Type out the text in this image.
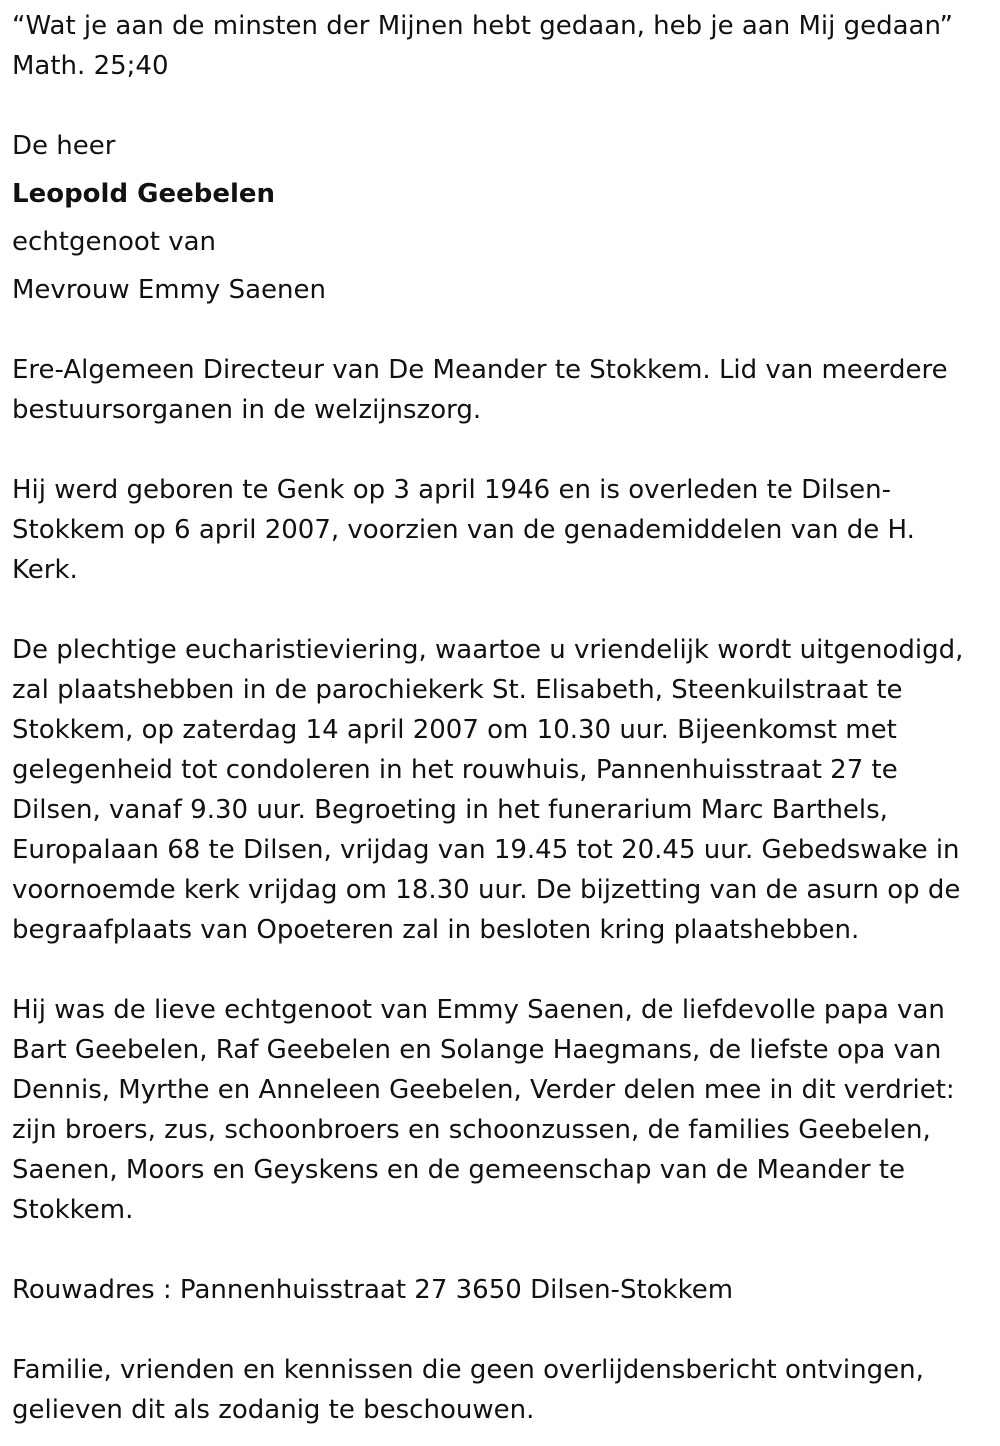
“Wat je aan de minsten der Mijnen hebt gedaan, heb je aan Mij gedaan”
Math. 25;40

De heer

Leopold Geebelen

echtgenoot van

Mevrouw Emmy Saenen

Ere-Algemeen Directeur van De Meander te Stokkem. Lid van meerdere
bestuursorganen in de welzijnszorg.

Hij werd geboren te Genk op 3 april 1946 en is overleden te Dilsen-
Stokkem op 6 april 2007, voorzien van de genademiddelen van de H.
Kerk.

De plechtige eucharistieviering, waartoe u vriendelijk wordt uitgenodigd,
zal plaatshebben in de parochiekerk St. Elisabeth, Steenkuilstraat te
Stokkem, op zaterdag 14 april 2007 om 10.30 uur. Bijeenkomst met
gelegenheid tot condoleren in het rouwhuis, Pannenhuisstraat 27 te
Dilsen, vanaf 9.30 uur. Begroeting in het funerarium Marc Barthels,
Europalaan 68 te Dilsen, vrijdag van 19.45 tot 20.45 uur. Gebedswake in
voornoemde kerk vrijdag om 18.30 uur. De bijzetting van de asurn op de
begraafplaats van Opoeteren zal in besloten kring plaatshebben.

Hij was de lieve echtgenoot van Emmy Saenen, de liefdevolle papa van
Bart Geebelen, Raf Geebelen en Solange Haegmans, de liefste opa van
Dennis, Myrthe en Anneleen Geebelen, Verder delen mee in dit verdriet:
zijn broers, zus, schoonbroers en schoonzussen, de families Geebelen,
Saenen, Moors en Geyskens en de gemeenschap van de Meander te
Stokkem.

Rouwadres : Pannenhuisstraat 27 3650 Dilsen-Stokkem

Familie, vrienden en kennissen die geen overlijdensbericht ontvingen,
gelieven dit als zodanig te beschouwen.
